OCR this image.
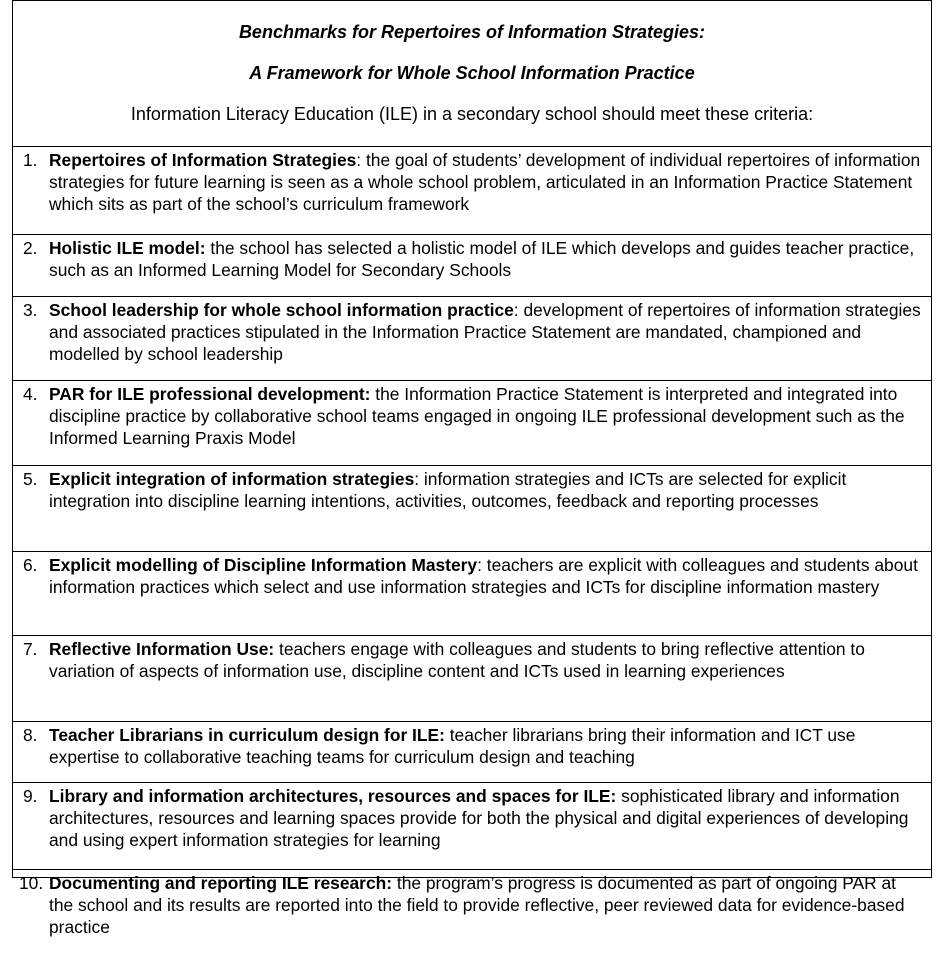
Benchmarks for Repertoires of Information Strategies:

A Framework for Whole School Information Practice

Information Literacy Education (ILE) in a secondary school should meet these criteria:

1. Repertoires of Information Strategies: the goal of students’ development of individual repertoires of information strategies for future learning is seen as a whole school problem, articulated in an Information Practice Statement which sits as part of the school’s curriculum framework
2. Holistic ILE model: the school has selected a holistic model of ILE which develops and guides teacher practice, such as an Informed Learning Model for Secondary Schools
3. School leadership for whole school information practice: development of repertoires of information strategies and associated practices stipulated in the Information Practice Statement are mandated, championed and modelled by school leadership
4. PAR for ILE professional development: the Information Practice Statement is interpreted and integrated into discipline practice by collaborative school teams engaged in ongoing ILE professional development such as the Informed Learning Praxis Model
5. Explicit integration of information strategies: information strategies and ICTs are selected for explicit integration into discipline learning intentions, activities, outcomes, feedback and reporting processes
6. Explicit modelling of Discipline Information Mastery: teachers are explicit with colleagues and students about information practices which select and use information strategies and ICTs for discipline information mastery
7. Reflective Information Use: teachers engage with colleagues and students to bring reflective attention to variation of aspects of information use, discipline content and ICTs used in learning experiences
8. Teacher Librarians in curriculum design for ILE: teacher librarians bring their information and ICT use expertise to collaborative teaching teams for curriculum design and teaching
9. Library and information architectures, resources and spaces for ILE: sophisticated library and information architectures, resources and learning spaces provide for both the physical and digital experiences of developing and using expert information strategies for learning
10. Documenting and reporting ILE research: the program’s progress is documented as part of ongoing PAR at the school and its results are reported into the field to provide reflective, peer reviewed data for evidence-based practice
